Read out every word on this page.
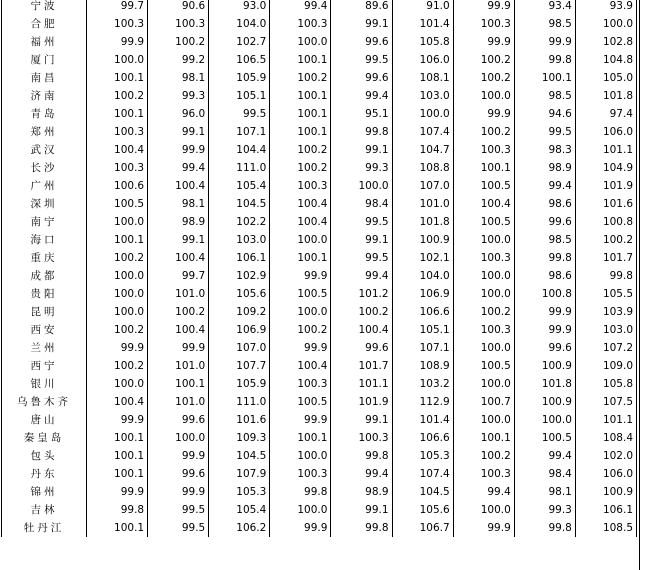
宁波	99.7	90.6	93.0	99.4	89.6	91.0	99.9	93.4	93.9
合肥	100.3	100.3	104.0	100.3	99.1	101.4	100.3	98.5	100.0
福州	99.9	100.2	102.7	100.0	99.6	105.8	99.9	99.9	102.8
厦门	100.0	99.2	106.5	100.1	99.5	106.0	100.2	99.8	104.8
南昌	100.1	98.1	105.9	100.2	99.6	108.1	100.2	100.1	105.0
济南	100.2	99.3	105.1	100.1	99.4	103.0	100.0	98.5	101.8
青岛	100.1	96.0	99.5	100.1	95.1	100.0	99.9	94.6	97.4
郑州	100.3	99.1	107.1	100.1	99.8	107.4	100.2	99.5	106.0
武汉	100.4	99.9	104.4	100.2	99.1	104.7	100.3	98.3	101.1
长沙	100.3	99.4	111.0	100.2	99.3	108.8	100.1	98.9	104.9
广州	100.6	100.4	105.4	100.3	100.0	107.0	100.5	99.4	101.9
深圳	100.5	98.1	104.5	100.4	98.4	101.0	100.4	98.6	101.6
南宁	100.0	98.9	102.2	100.4	99.5	101.8	100.5	99.6	100.8
海口	100.1	99.1	103.0	100.0	99.1	100.9	100.0	98.5	100.2
重庆	100.2	100.4	106.1	100.1	99.5	102.1	100.3	99.8	101.7
成都	100.0	99.7	102.9	99.9	99.4	104.0	100.0	98.6	99.8
贵阳	100.0	101.0	105.6	100.5	101.2	106.9	100.0	100.8	105.5
昆明	100.0	100.2	109.2	100.0	100.2	106.6	100.2	99.9	103.9
西安	100.2	100.4	106.9	100.2	100.4	105.1	100.3	99.9	103.0
兰州	99.9	99.9	107.0	99.9	99.6	107.1	100.0	99.6	107.2
西宁	100.2	101.0	107.7	100.4	101.7	108.9	100.5	100.9	109.0
银川	100.0	100.1	105.9	100.3	101.1	103.2	100.0	101.8	105.8
乌鲁木齐	100.4	101.0	111.0	100.5	101.9	112.9	100.7	100.9	107.5
唐山	99.9	99.6	101.6	99.9	99.1	101.4	100.0	100.0	101.1
秦皇岛	100.1	100.0	109.3	100.1	100.3	106.6	100.1	100.5	108.4
包头	100.1	99.9	104.5	100.0	99.8	105.3	100.2	99.4	102.0
丹东	100.1	99.6	107.9	100.3	99.4	107.4	100.3	98.4	106.0
锦州	99.9	99.9	105.3	99.8	98.9	104.5	99.4	98.1	100.9
吉林	99.8	99.5	105.4	100.0	99.1	105.6	100.0	99.3	106.1
牡丹江	100.1	99.5	106.2	99.9	99.8	106.7	99.9	99.8	108.5
